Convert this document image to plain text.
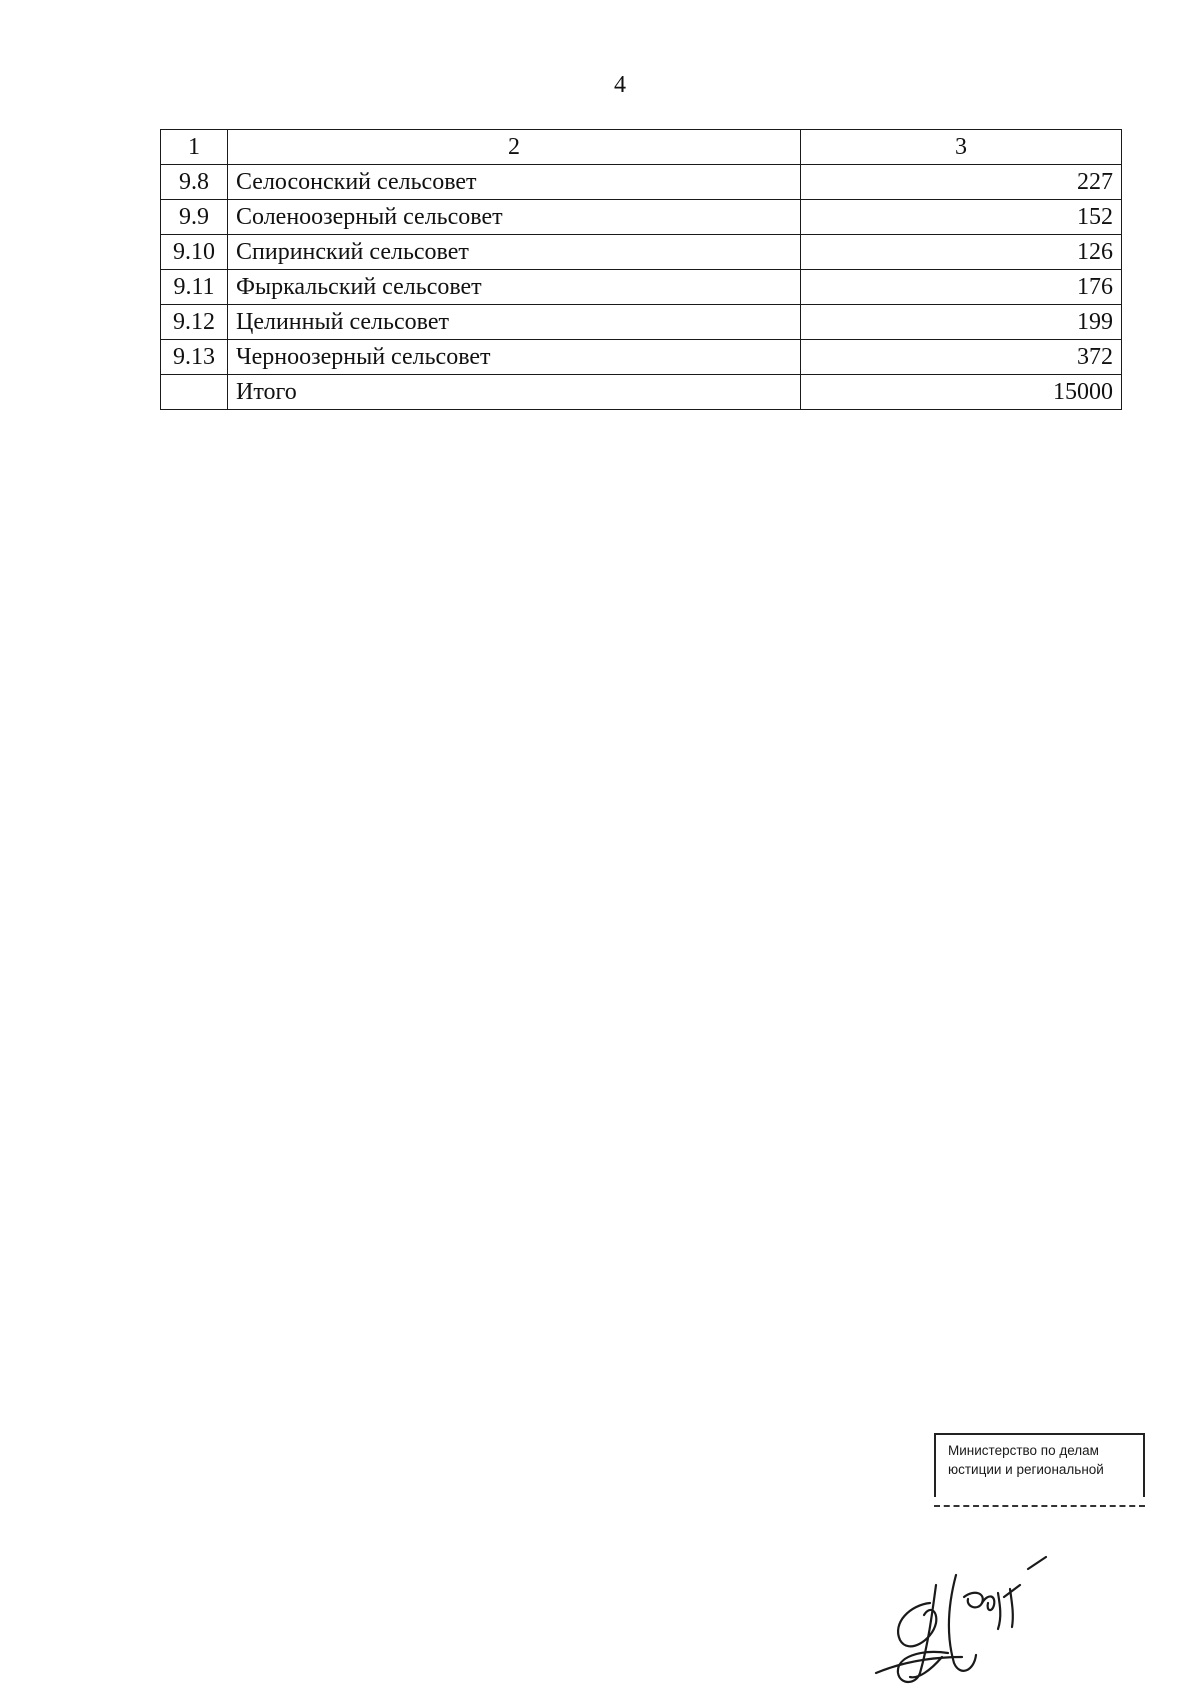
4
1	2	3
9.8	Селосонский сельсовет	227
9.9	Соленоозерный сельсовет	152
9.10	Спиринский сельсовет	126
9.11	Фыркальский сельсовет	176
9.12	Целинный сельсовет	199
9.13	Черноозерный сельсовет	372
	Итого	15000
Министерство по делам
юстиции и региональной
